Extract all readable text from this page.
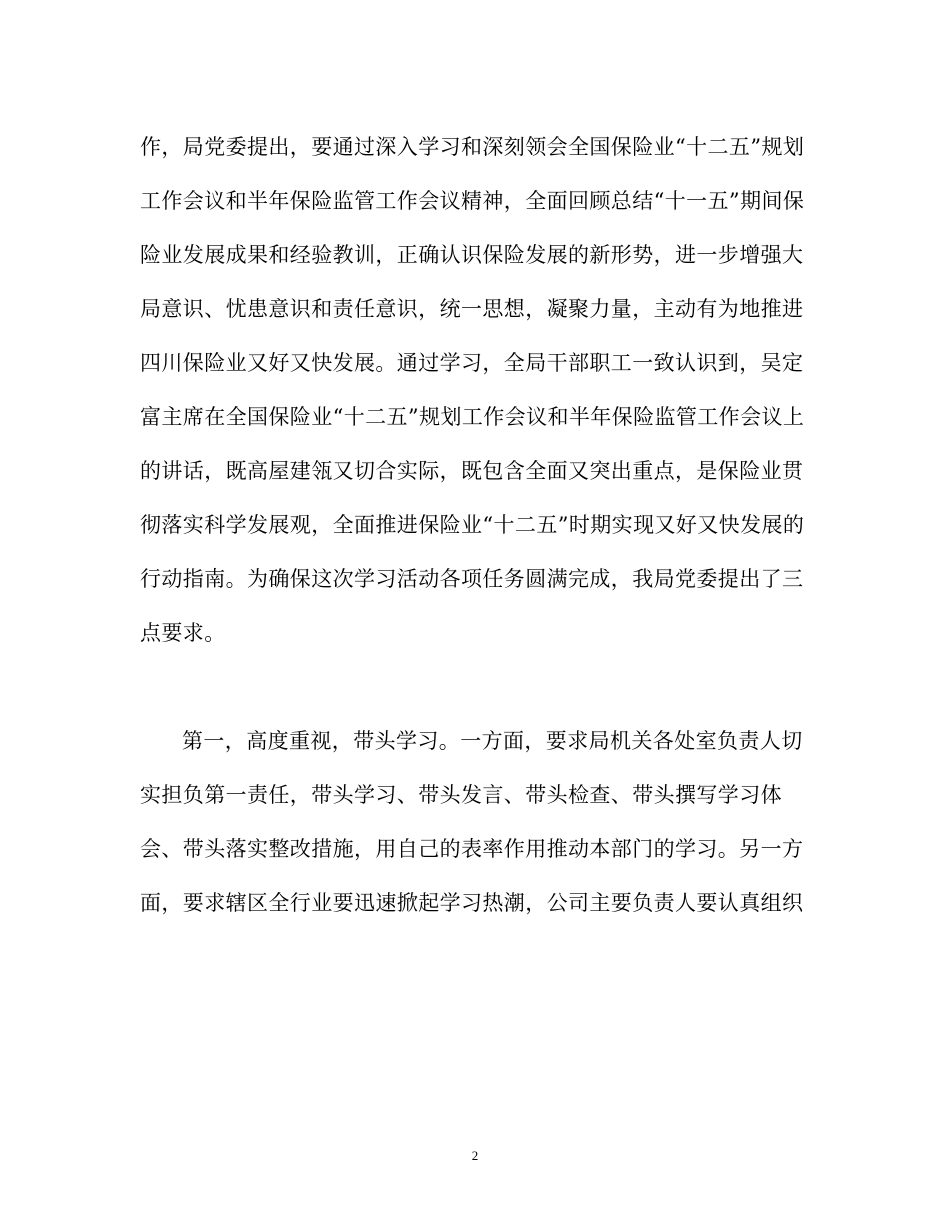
作，局党委提出，要通过深入学习和深刻领会全国保险业“十二五”规划
工作会议和半年保险监管工作会议精神，全面回顾总结“十一五”期间保
险业发展成果和经验教训，正确认识保险发展的新形势，进一步增强大
局意识、忧患意识和责任意识，统一思想，凝聚力量，主动有为地推进
四川保险业又好又快发展。通过学习，全局干部职工一致认识到，吴定
富主席在全国保险业“十二五”规划工作会议和半年保险监管工作会议上
的讲话，既高屋建瓴又切合实际，既包含全面又突出重点，是保险业贯
彻落实科学发展观，全面推进保险业“十二五”时期实现又好又快发展的
行动指南。为确保这次学习活动各项任务圆满完成，我局党委提出了三
点要求。
第一，高度重视，带头学习。一方面，要求局机关各处室负责人切
实担负第一责任，带头学习、带头发言、带头检查、带头撰写学习体
会、带头落实整改措施，用自己的表率作用推动本部门的学习。另一方
面，要求辖区全行业要迅速掀起学习热潮，公司主要负责人要认真组织
2
